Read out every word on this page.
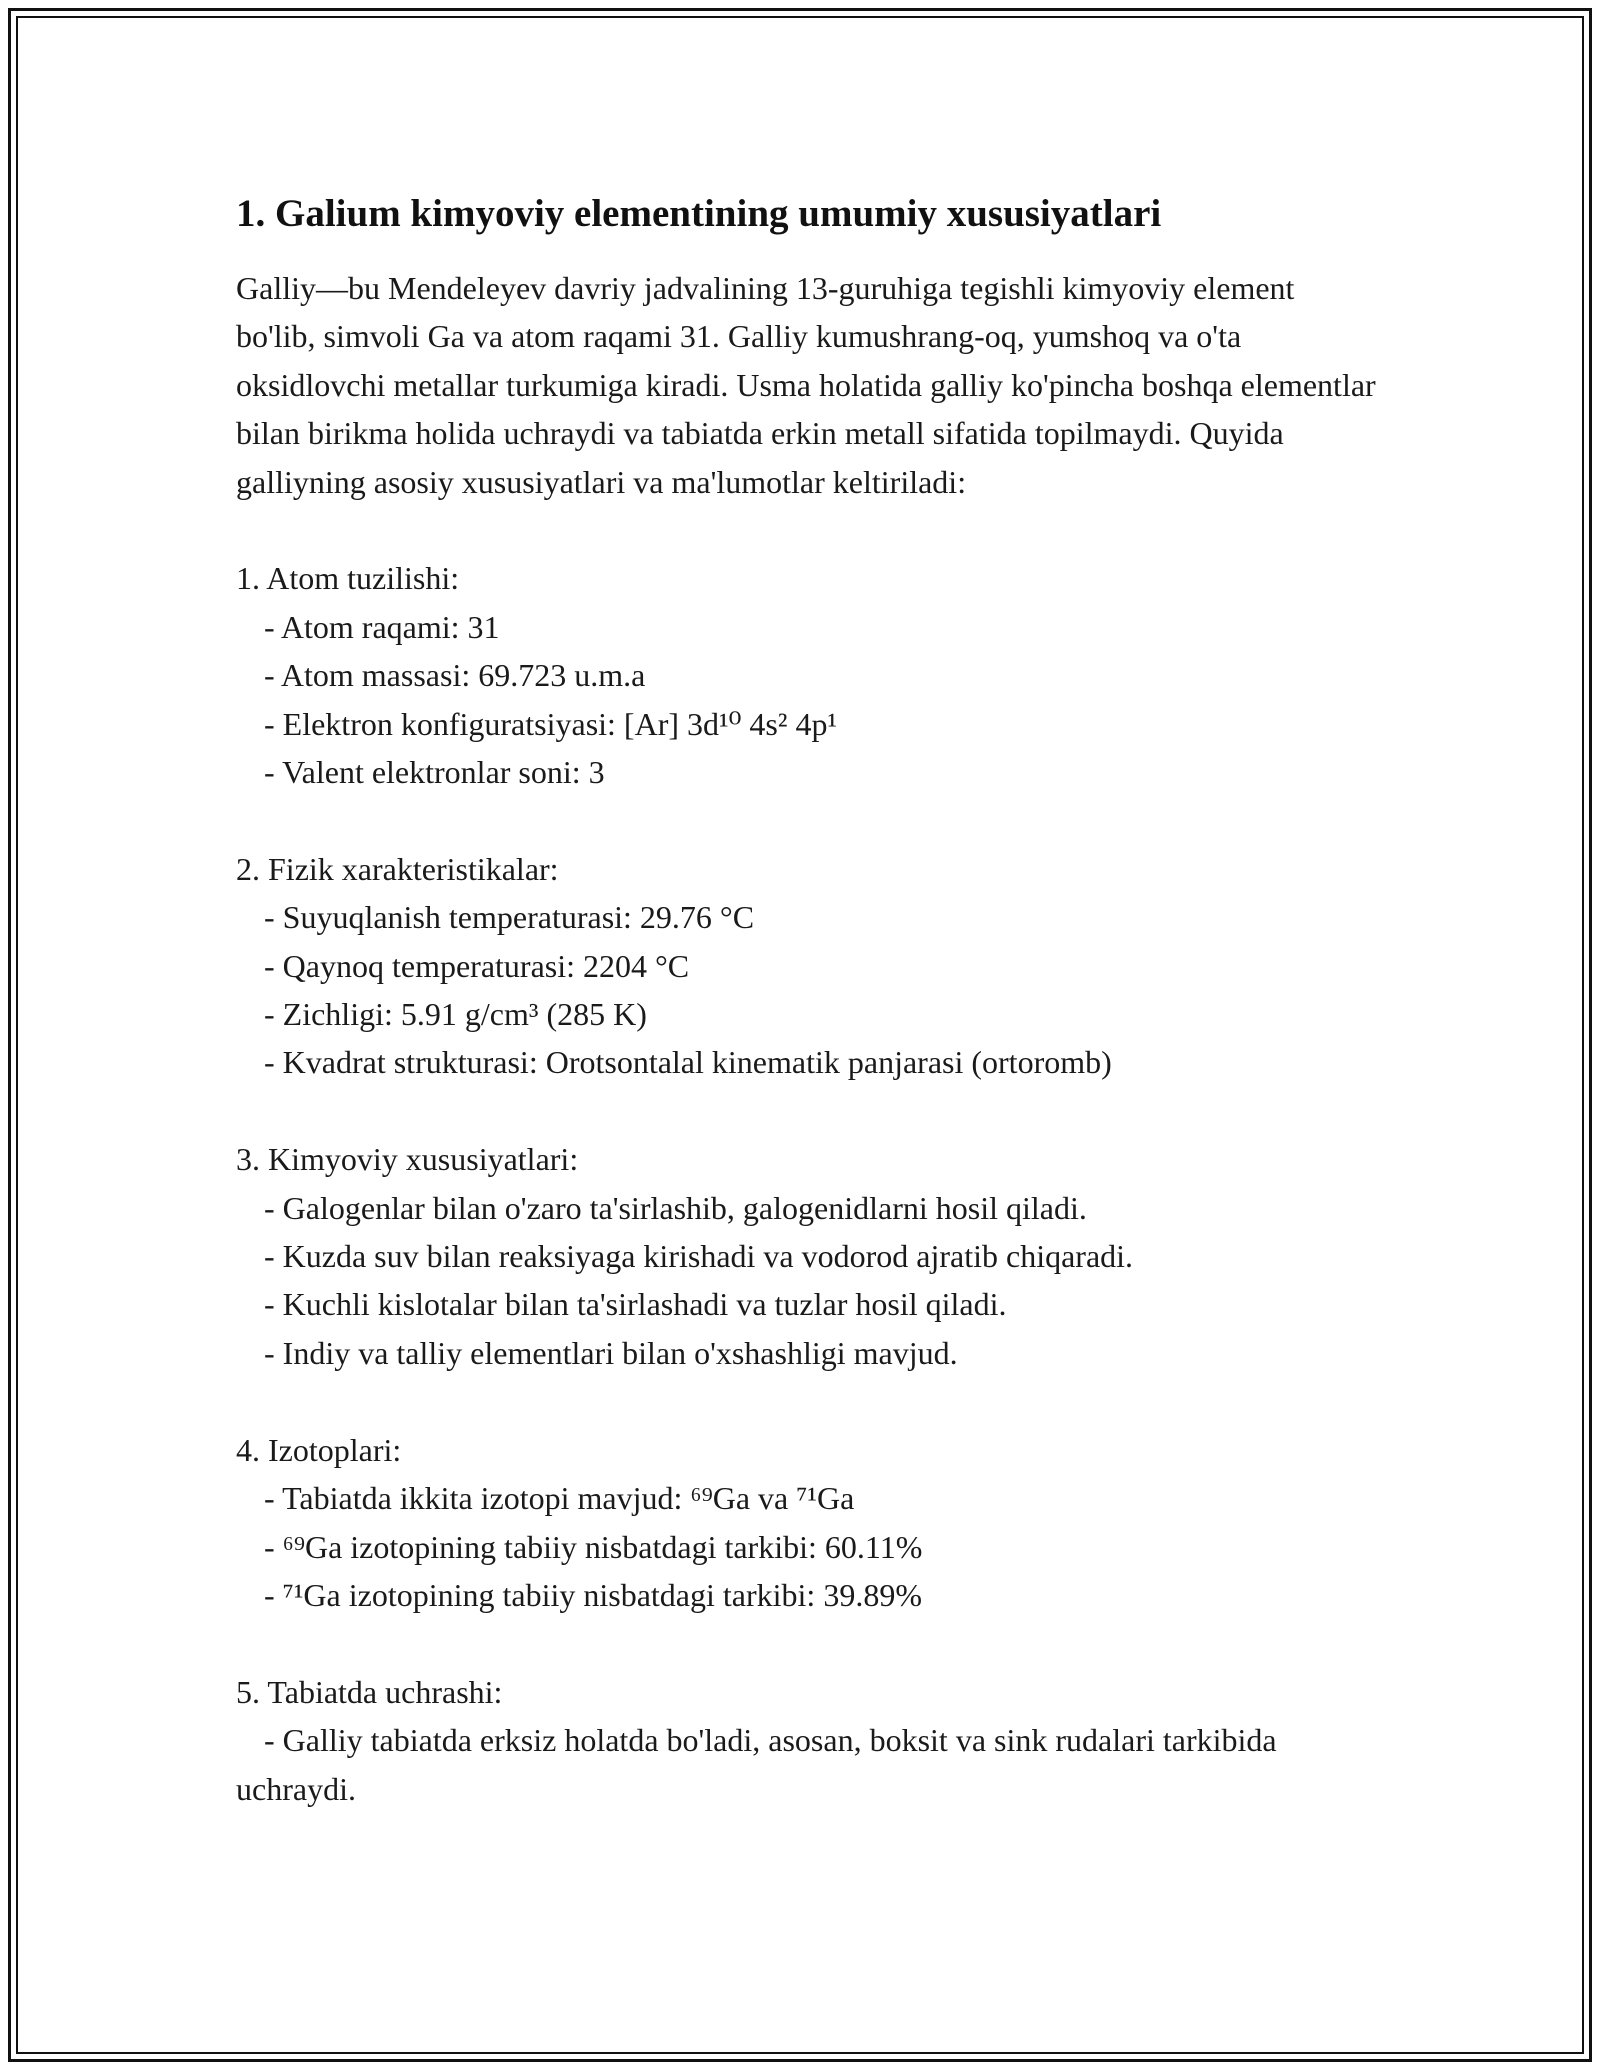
1. Galium kimyoviy elementining umumiy xususiyatlari

Galliy—bu Mendeleyev davriy jadvalining 13-guruhiga tegishli kimyoviy element bo'lib, simvoli Ga va atom raqami 31. Galliy kumushrang-oq, yumshoq va o'ta oksidlovchi metallar turkumiga kiradi. Usma holatida galliy ko'pincha boshqa elementlar bilan birikma holida uchraydi va tabiatda erkin metall sifatida topilmaydi. Quyida galliyning asosiy xususiyatlari va ma'lumotlar keltiriladi:

1. Atom tuzilishi:
- Atom raqami: 31
- Atom massasi: 69.723 u.m.a
- Elektron konfiguratsiyasi: [Ar] 3d¹⁰ 4s² 4p¹
- Valent elektronlar soni: 3
2. Fizik xarakteristikalar:
- Suyuqlanish temperaturasi: 29.76 °C
- Qaynoq temperaturasi: 2204 °C
- Zichligi: 5.91 g/cm³ (285 K)
- Kvadrat strukturasi: Orotsontalal kinematik panjarasi (ortoromb)
3. Kimyoviy xususiyatlari:
- Galogenlar bilan o'zaro ta'sirlashib, galogenidlarni hosil qiladi.
- Kuzda suv bilan reaksiyaga kirishadi va vodorod ajratib chiqaradi.
- Kuchli kislotalar bilan ta'sirlashadi va tuzlar hosil qiladi.
- Indiy va talliy elementlari bilan o'xshashligi mavjud.
4. Izotoplari:
- Tabiatda ikkita izotopi mavjud: ⁶⁹Ga va ⁷¹Ga
- ⁶⁹Ga izotopining tabiiy nisbatdagi tarkibi: 60.11%
- ⁷¹Ga izotopining tabiiy nisbatdagi tarkibi: 39.89%
5. Tabiatda uchrashi:
- Galliy tabiatda erksiz holatda bo'ladi, asosan, boksit va sink rudalari tarkibida uchraydi.
